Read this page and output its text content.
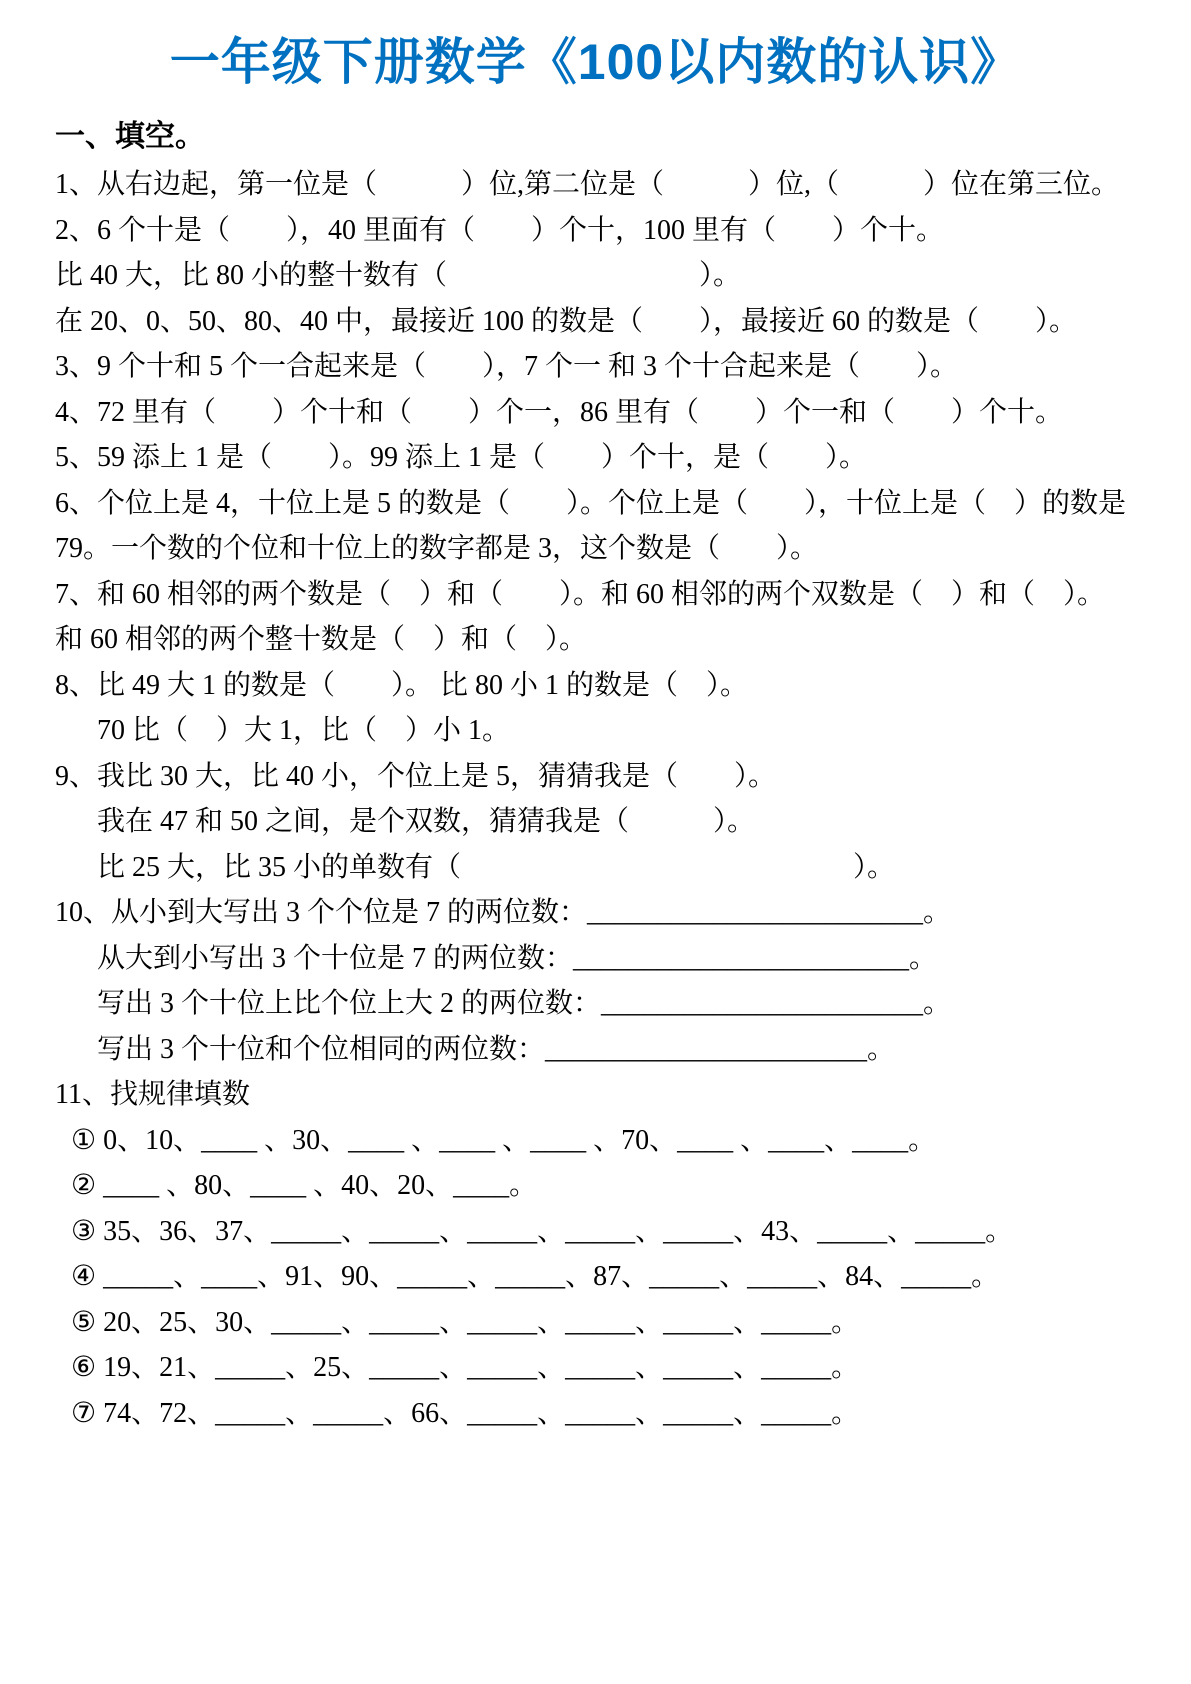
一年级下册数学《100以内数的认识》

一、填空。

1、从右边起，第一位是（　　　）位,第二位是（　　　）位,（　　　）位在第三位。

2、6 个十是（　　），40 里面有（　　）个十，100 里有（　　）个十。

比 40 大，比 80 小的整十数有（　　　　　　　　　）。

在 20、0、50、80、40 中，最接近 100 的数是（　　），最接近 60 的数是（　　）。

3、9 个十和 5 个一合起来是（　　），7 个一 和 3 个十合起来是（　　）。

4、72 里有（　　）个十和（　　）个一，86 里有（　　）个一和（　　）个十。

5、59 添上 1 是（　　）。99 添上 1 是（　　）个十，是（　　）。

6、个位上是 4，十位上是 5 的数是（　　）。个位上是（　　），十位上是（　）的数是

79。一个数的个位和十位上的数字都是 3，这个数是（　　）。

7、和 60 相邻的两个数是（　）和（　　）。和 60 相邻的两个双数是（　）和（　）。

和 60 相邻的两个整十数是（　）和（　）。

8、比 49 大 1 的数是（　　）。 比 80 小 1 的数是（　）。

70 比（　）大 1，比（　）小 1。

9、我比 30 大，比 40 小，个位上是 5，猜猜我是（　　）。

我在 47 和 50 之间，是个双数，猜猜我是（　　　）。

比 25 大，比 35 小的单数有（　　　　　　　　　　　　　　）。

10、从小到大写出 3 个个位是 7 的两位数：________________________。

从大到小写出 3 个十位是 7 的两位数：________________________。

写出 3 个十位上比个位上大 2 的两位数：_______________________。

写出 3 个十位和个位相同的两位数：_______________________。

11、找规律填数

① 0、10、____ 、30、____ 、____ 、____ 、70、____ 、____、____。

② ____ 、80、____ 、40、20、____。

③ 35、36、37、_____、_____、_____、_____、_____、43、_____、_____。

④ _____、____、91、90、_____、_____、87、_____、_____、84、_____。

⑤ 20、25、30、_____、_____、_____、_____、_____、_____。

⑥ 19、21、_____、25、_____、_____、_____、_____、_____。

⑦ 74、72、_____、_____、66、_____、_____、_____、_____。
